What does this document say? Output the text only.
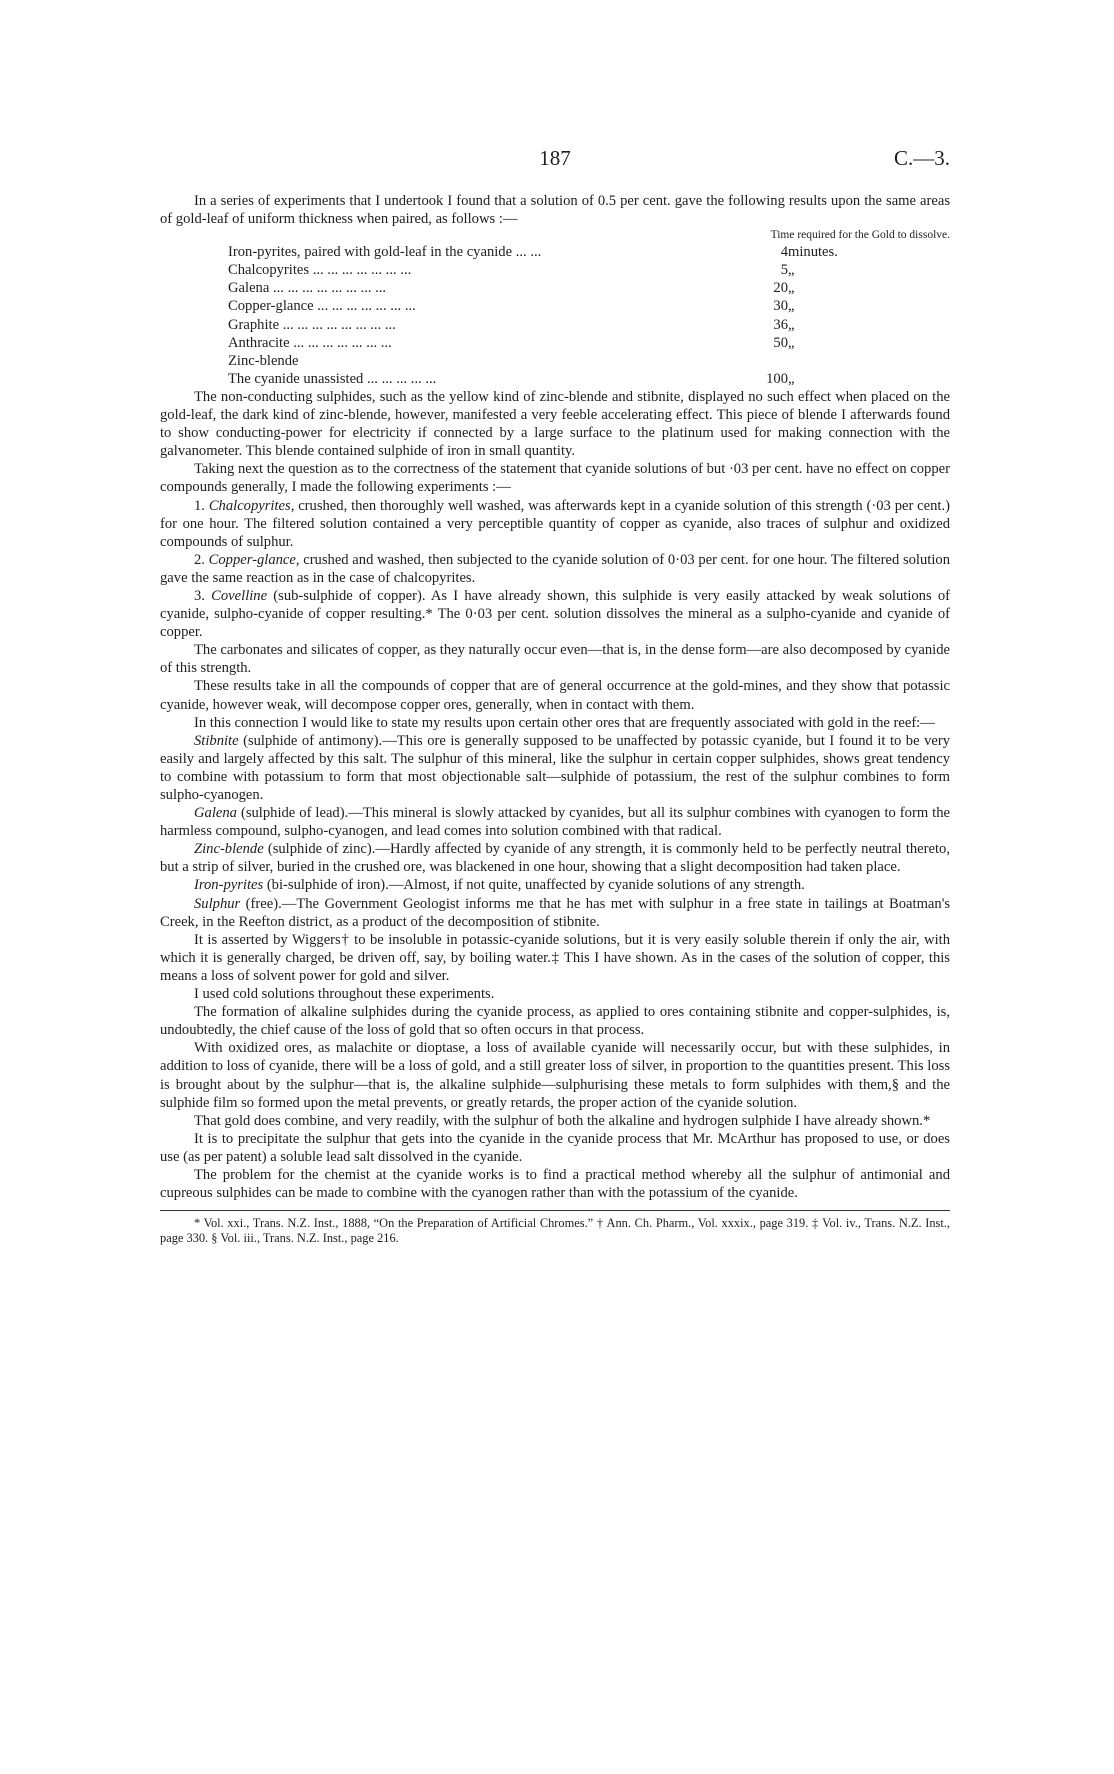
187	C.—3.

In a series of experiments that I undertook I found that a solution of 0.5 per cent. gave the following results upon the same areas of gold-leaf of uniform thickness when paired, as follows :—

Time required for the Gold to dissolve.

Iron-pyrites, paired with gold-leaf in the cyanide ... ...	4	minutes.
Chalcopyrites ... ... ... ... ... ... ...	5	„
Galena ... ... ... ... ... ... ... ...	20	„
Copper-glance ... ... ... ... ... ... ...	30	„
Graphite ... ... ... ... ... ... ... ...	36	„
Anthracite ... ... ... ... ... ... ...	50	„
Zinc-blende		
The cyanide unassisted ... ... ... ... ...	100	„

The non-conducting sulphides, such as the yellow kind of zinc-blende and stibnite, displayed no such effect when placed on the gold-leaf, the dark kind of zinc-blende, however, manifested a very feeble accelerating effect. This piece of blende I afterwards found to show conducting-power for electricity if connected by a large surface to the platinum used for making connection with the galvanometer. This blende contained sulphide of iron in small quantity.

Taking next the question as to the correctness of the statement that cyanide solutions of but ·03 per cent. have no effect on copper compounds generally, I made the following experiments :—

1. Chalcopyrites, crushed, then thoroughly well washed, was afterwards kept in a cyanide solution of this strength (·03 per cent.) for one hour. The filtered solution contained a very perceptible quantity of copper as cyanide, also traces of sulphur and oxidized compounds of sulphur.

2. Copper-glance, crushed and washed, then subjected to the cyanide solution of 0·03 per cent. for one hour. The filtered solution gave the same reaction as in the case of chalcopyrites.

3. Covelline (sub-sulphide of copper). As I have already shown, this sulphide is very easily attacked by weak solutions of cyanide, sulpho-cyanide of copper resulting.* The 0·03 per cent. solution dissolves the mineral as a sulpho-cyanide and cyanide of copper.

The carbonates and silicates of copper, as they naturally occur even—that is, in the dense form—are also decomposed by cyanide of this strength.

These results take in all the compounds of copper that are of general occurrence at the gold-mines, and they show that potassic cyanide, however weak, will decompose copper ores, generally, when in contact with them.

In this connection I would like to state my results upon certain other ores that are frequently associated with gold in the reef:—

Stibnite (sulphide of antimony).—This ore is generally supposed to be unaffected by potassic cyanide, but I found it to be very easily and largely affected by this salt. The sulphur of this mineral, like the sulphur in certain copper sulphides, shows great tendency to combine with potassium to form that most objectionable salt—sulphide of potassium, the rest of the sulphur combines to form sulpho-cyanogen.

Galena (sulphide of lead).—This mineral is slowly attacked by cyanides, but all its sulphur combines with cyanogen to form the harmless compound, sulpho-cyanogen, and lead comes into solution combined with that radical.

Zinc-blende (sulphide of zinc).—Hardly affected by cyanide of any strength, it is commonly held to be perfectly neutral thereto, but a strip of silver, buried in the crushed ore, was blackened in one hour, showing that a slight decomposition had taken place.

Iron-pyrites (bi-sulphide of iron).—Almost, if not quite, unaffected by cyanide solutions of any strength.

Sulphur (free).—The Government Geologist informs me that he has met with sulphur in a free state in tailings at Boatman's Creek, in the Reefton district, as a product of the decomposition of stibnite.

It is asserted by Wiggers† to be insoluble in potassic-cyanide solutions, but it is very easily soluble therein if only the air, with which it is generally charged, be driven off, say, by boiling water.‡ This I have shown. As in the cases of the solution of copper, this means a loss of solvent power for gold and silver.

I used cold solutions throughout these experiments.

The formation of alkaline sulphides during the cyanide process, as applied to ores containing stibnite and copper-sulphides, is, undoubtedly, the chief cause of the loss of gold that so often occurs in that process.

With oxidized ores, as malachite or dioptase, a loss of available cyanide will necessarily occur, but with these sulphides, in addition to loss of cyanide, there will be a loss of gold, and a still greater loss of silver, in proportion to the quantities present. This loss is brought about by the sulphur—that is, the alkaline sulphide—sulphurising these metals to form sulphides with them,§ and the sulphide film so formed upon the metal prevents, or greatly retards, the proper action of the cyanide solution.

That gold does combine, and very readily, with the sulphur of both the alkaline and hydrogen sulphide I have already shown.*

It is to precipitate the sulphur that gets into the cyanide in the cyanide process that Mr. McArthur has proposed to use, or does use (as per patent) a soluble lead salt dissolved in the cyanide.

The problem for the chemist at the cyanide works is to find a practical method whereby all the sulphur of antimonial and cupreous sulphides can be made to combine with the cyanogen rather than with the potassium of the cyanide.

* Vol. xxi., Trans. N.Z. Inst., 1888, “On the Preparation of Artificial Chromes.” † Ann. Ch. Pharm., Vol. xxxix., page 319. ‡ Vol. iv., Trans. N.Z. Inst., page 330. § Vol. iii., Trans. N.Z. Inst., page 216.
